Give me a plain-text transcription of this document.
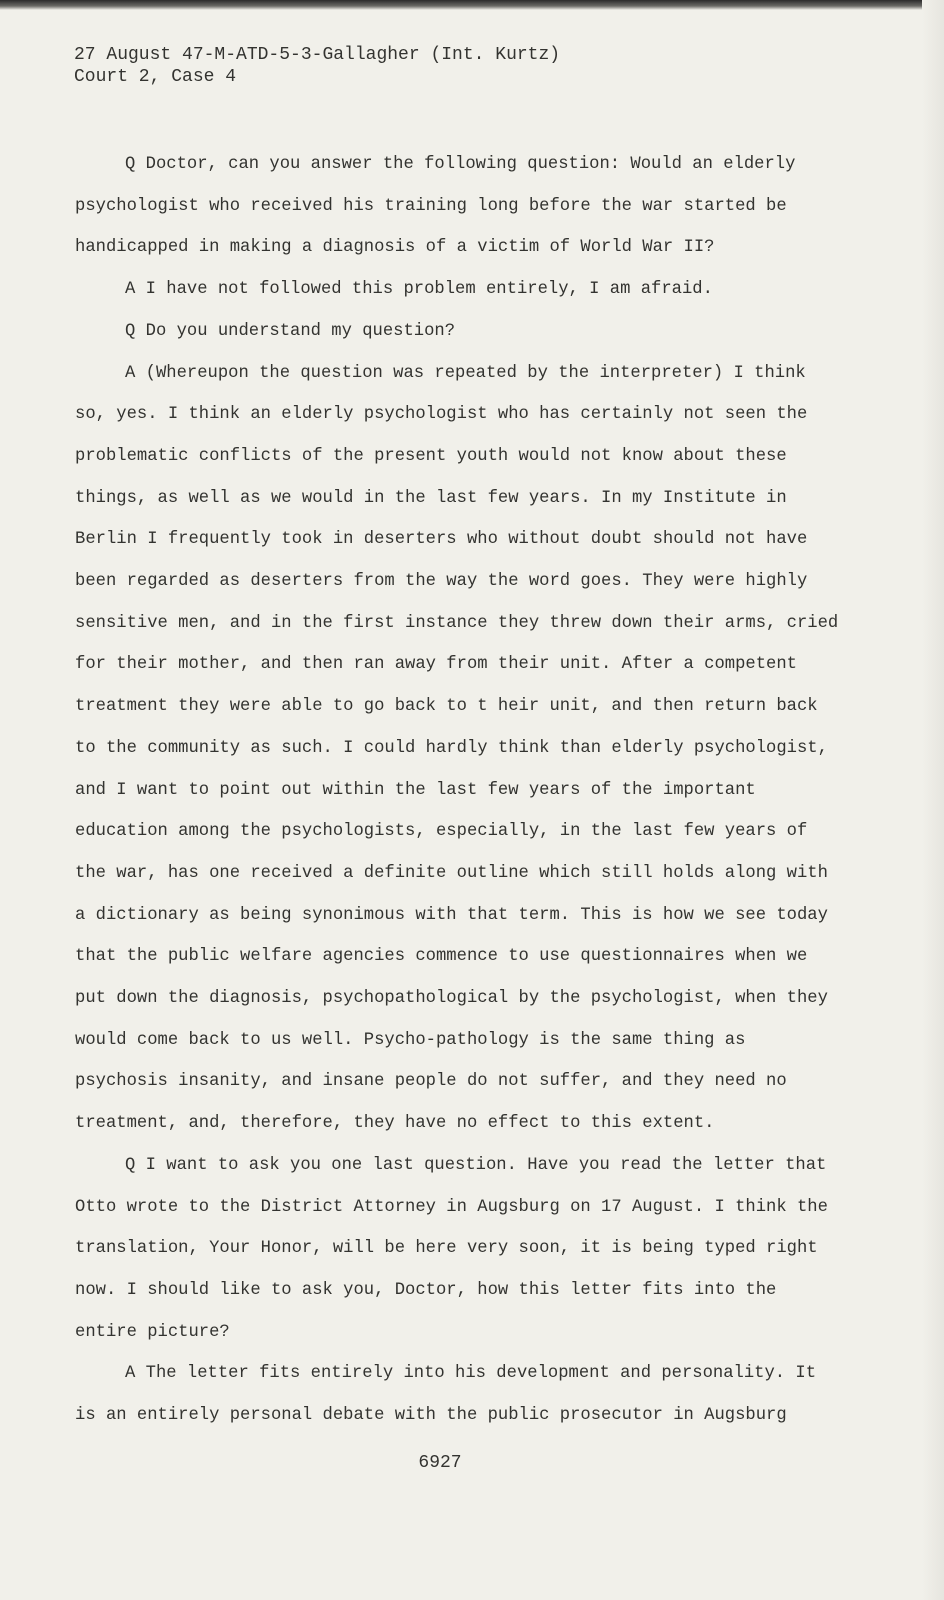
27 August 47-M-ATD-5-3-Gallagher (Int. Kurtz)
Court 2, Case 4

Q Doctor, can you answer the following question: Would an elderly psychologist who received his training long before the war started be handicapped in making a diagnosis of a victim of World War II?

A I have not followed this problem entirely, I am afraid.

Q Do you understand my question?

A (Whereupon the question was repeated by the interpreter) I think so, yes. I think an elderly psychologist who has certainly not seen the problematic conflicts of the present youth would not know about these things, as well as we would in the last few years. In my Institute in Berlin I frequently took in deserters who without doubt should not have been regarded as deserters from the way the word goes. They were highly sensitive men, and in the first instance they threw down their arms, cried for their mother, and then ran away from their unit. After a competent treatment they were able to go back to t heir unit, and then return back to the community as such. I could hardly think than elderly psychologist, and I want to point out within the last few years of the important education among the psychologists, especially, in the last few years of the war, has one received a definite outline which still holds along with a dictionary as being synonimous with that term. This is how we see today that the public welfare agencies commence to use questionnaires when we put down the diagnosis, psychopathological by the psychologist, when they would come back to us well. Psycho-pathology is the same thing as psychosis insanity, and insane people do not suffer, and they need no treatment, and, therefore, they have no effect to this extent.

Q I want to ask you one last question. Have you read the letter that Otto wrote to the District Attorney in Augsburg on 17 August. I think the translation, Your Honor, will be here very soon, it is being typed right now. I should like to ask you, Doctor, how this letter fits into the entire picture?

A The letter fits entirely into his development and personality. It is an entirely personal debate with the public prosecutor in Augsburg

6927
